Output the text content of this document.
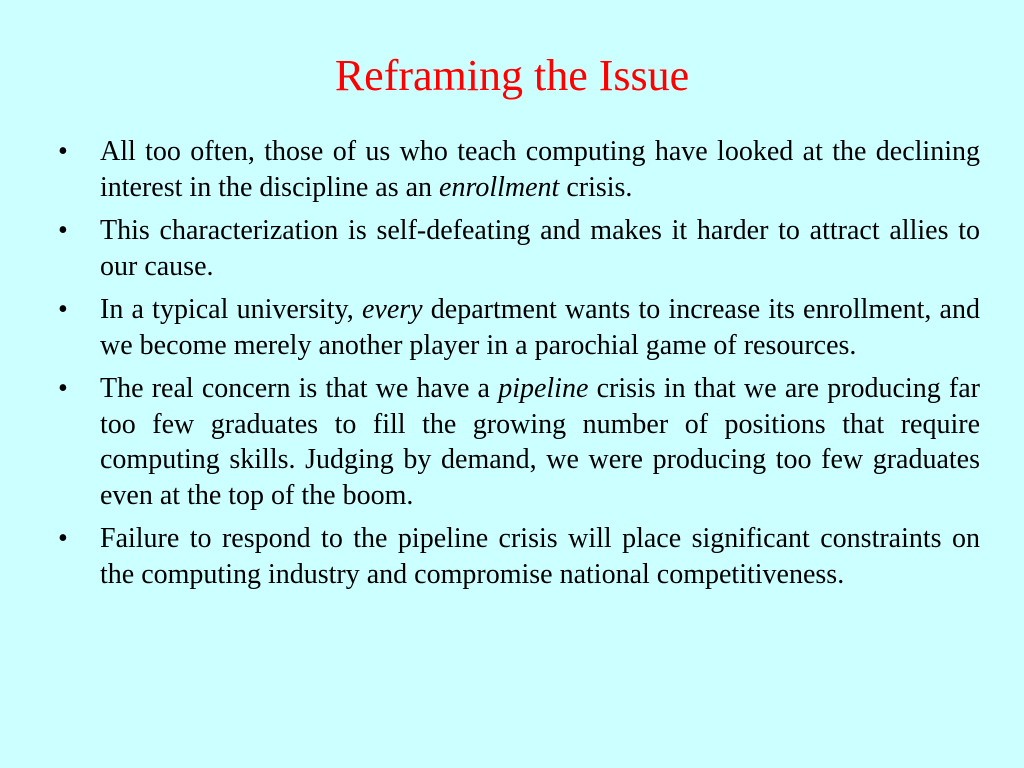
Reframing the Issue
•	All too often, those of us who teach computing have looked at the declining interest in the discipline as an enrollment crisis.
•	This characterization is self-defeating and makes it harder to attract allies to our cause.
•	In a typical university, every department wants to increase its enrollment, and we become merely another player in a parochial game of resources.
•	The real concern is that we have a pipeline crisis in that we are producing far too few graduates to fill the growing number of positions that require computing skills. Judging by demand, we were producing too few graduates even at the top of the boom.
•	Failure to respond to the pipeline crisis will place significant constraints on the computing industry and compromise national competitiveness.
